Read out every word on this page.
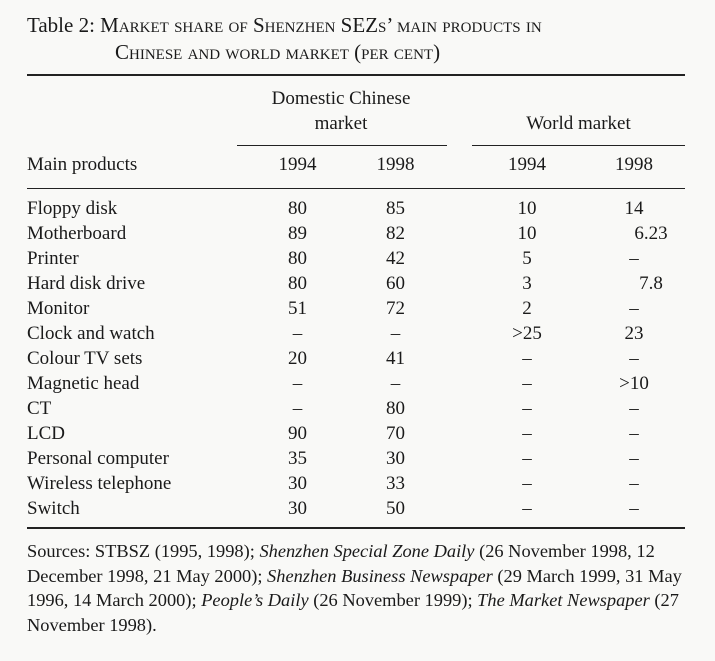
Table 2: Market share of Shenzhen SEZs’ main products in
Chinese and world market (per cent)
Domestic Chinese
market	World market
Main products	1994	1998	1994	1998
Floppy disk	80	85	10	14
Motherboard	89	82	10	6.23
Printer	80	42	5	–
Hard disk drive	80	60	3	7.8
Monitor	51	72	2	–
Clock and watch	–	–	>25	23
Colour TV sets	20	41	–	–
Magnetic head	–	–	–	>10
CT	–	80	–	–
LCD	90	70	–	–
Personal computer	35	30	–	–
Wireless telephone	30	33	–	–
Switch	30	50	–	–
Sources: STBSZ (1995, 1998); Shenzhen Special Zone Daily (26 November 1998, 12 December 1998, 21 May 2000); Shenzhen Business Newspaper (29 March 1999, 31 May 1996, 14 March 2000); People’s Daily (26 November 1999); The Market Newspaper (27 November 1998).
